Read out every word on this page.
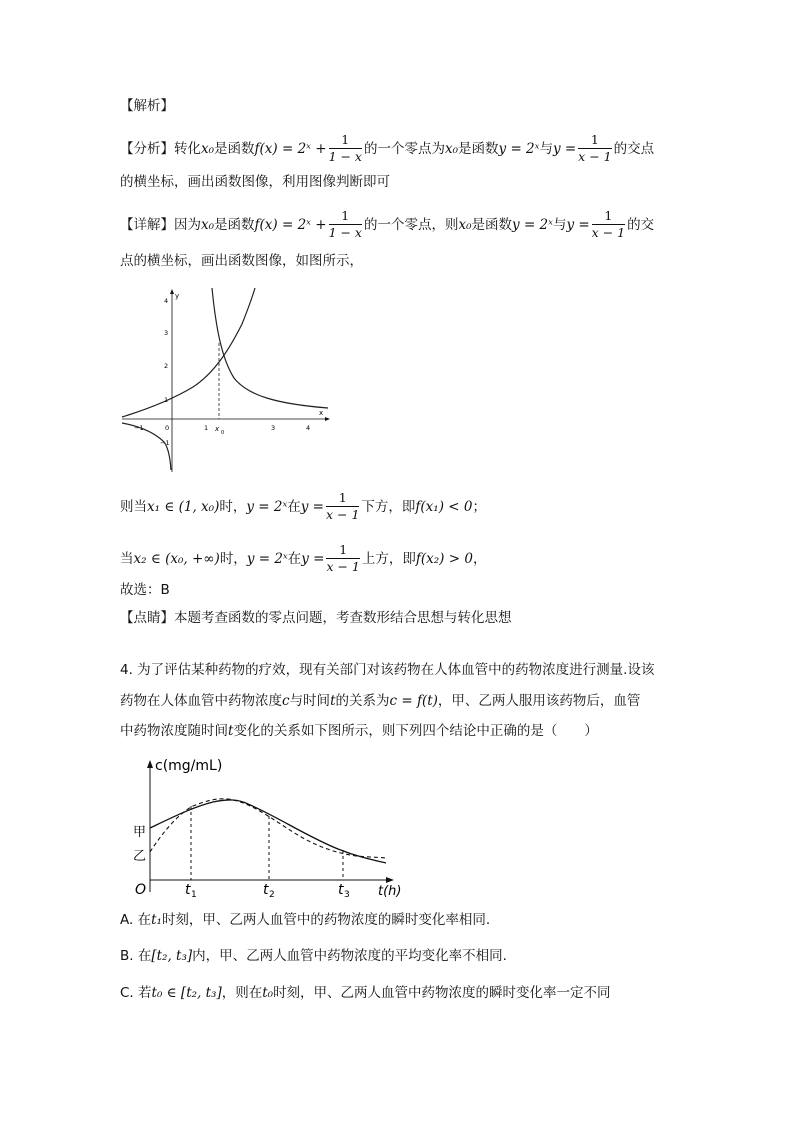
【解析】
【分析】转化x₀是函数f(x) = 2ˣ + $\frac{1}{1 - x}$ 的一个零点为x₀是函数y = 2ˣ与$y = \frac{1}{x - 1}$ 的交点
的横坐标，画出函数图像，利用图像判断即可
【详解】因为x₀是函数f(x) = 2ˣ + $\frac{1}{1 - x}$ 的一个零点，则x₀是函数y = 2ˣ与$y = \frac{1}{x - 1}$ 的交
点的横坐标，画出函数图像，如图所示，
y
x
4
3
2
1
−1
−1	0	1	3	4
x 0
则当x₁ ∈ (1, x₀)时，y = 2ˣ在$y = \frac{1}{x - 1}$ 下方，即f(x₁) < 0；
当x₂ ∈ (x₀, +∞)时，y = 2ˣ在$y = \frac{1}{x - 1}$ 上方，即f(x₂) > 0，
故选：B
【点睛】本题考查函数的零点问题，考查数形结合思想与转化思想
4. 为了评估某种药物的疗效，现有关部门对该药物在人体血管中的药物浓度进行测量.设该
药物在人体血管中药物浓度c与时间t的关系为c = f(t)，甲、乙两人服用该药物后，血管
中药物浓度随时间t变化的关系如下图所示，则下列四个结论中正确的是（　　）
c(mg/mL)
t(h)
O
甲
乙
t 1	t 2	t 3
A. 在t₁时刻，甲、乙两人血管中的药物浓度的瞬时变化率相同.
B. 在[t₂, t₃]内，甲、乙两人血管中药物浓度的平均变化率不相同.
C. 若t₀ ∈ [t₂, t₃]，则在t₀时刻，甲、乙两人血管中药物浓度的瞬时变化率一定不同
